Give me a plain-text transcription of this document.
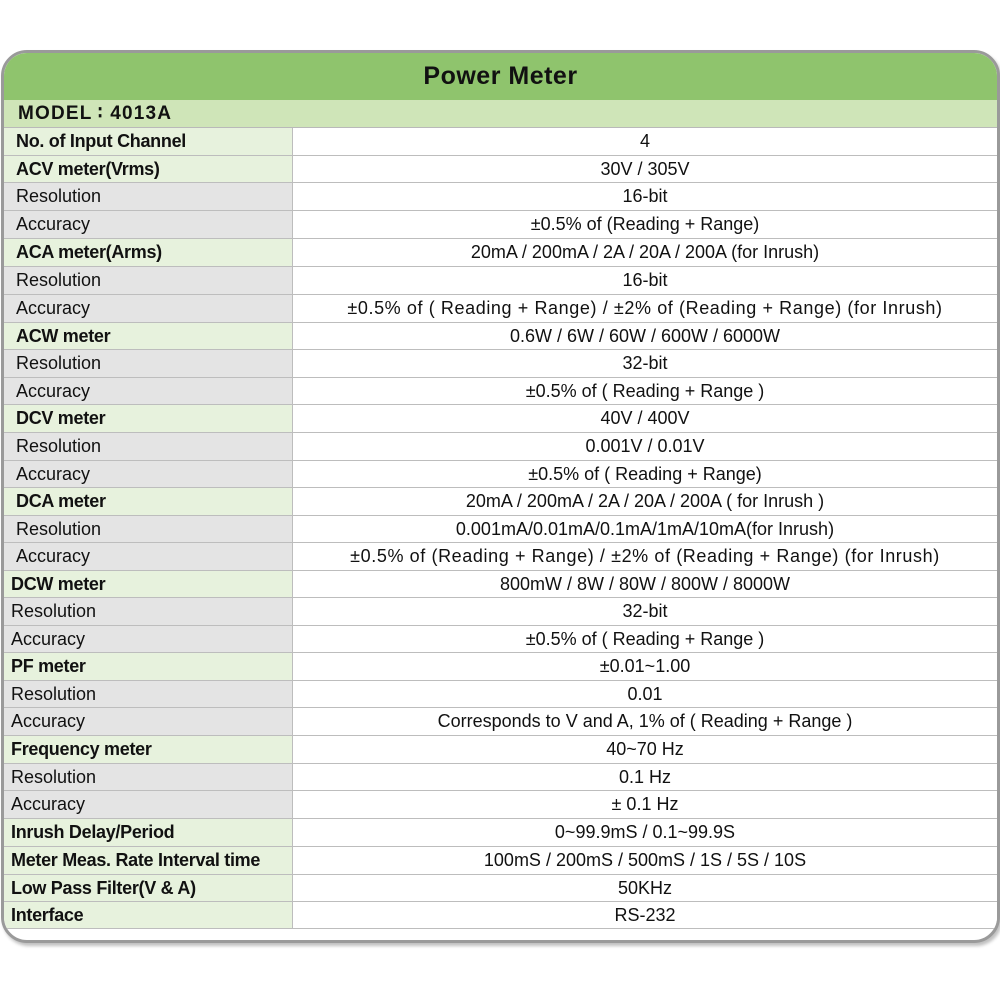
Power Meter
MODEL ∶ 4013A
No. of Input Channel	4
ACV meter(Vrms)	30V / 305V
Resolution	16-bit
Accuracy	±0.5% of (Reading + Range)
ACA meter(Arms)	20mA / 200mA / 2A / 20A / 200A (for Inrush)
Resolution	16-bit
Accuracy	±0.5% of ( Reading + Range) / ±2% of (Reading + Range) (for Inrush)
ACW meter	0.6W / 6W / 60W / 600W / 6000W
Resolution	32-bit
Accuracy	±0.5% of ( Reading + Range )
DCV meter	40V / 400V
Resolution	0.001V / 0.01V
Accuracy	±0.5% of ( Reading + Range)
DCA meter	20mA / 200mA / 2A / 20A / 200A ( for Inrush )
Resolution	0.001mA/0.01mA/0.1mA/1mA/10mA(for Inrush)
Accuracy	±0.5% of (Reading + Range) / ±2% of (Reading + Range) (for Inrush)
DCW meter	800mW / 8W / 80W / 800W / 8000W
Resolution	32-bit
Accuracy	±0.5% of ( Reading + Range )
PF meter	±0.01~1.00
Resolution	0.01
Accuracy	Corresponds to V and A, 1% of ( Reading + Range )
Frequency meter	40~70 Hz
Resolution	0.1 Hz
Accuracy	± 0.1 Hz
Inrush Delay/Period	0~99.9mS / 0.1~99.9S
Meter Meas. Rate Interval time	100mS / 200mS / 500mS / 1S / 5S / 10S
Low Pass Filter(V & A)	50KHz
Interface	RS-232
